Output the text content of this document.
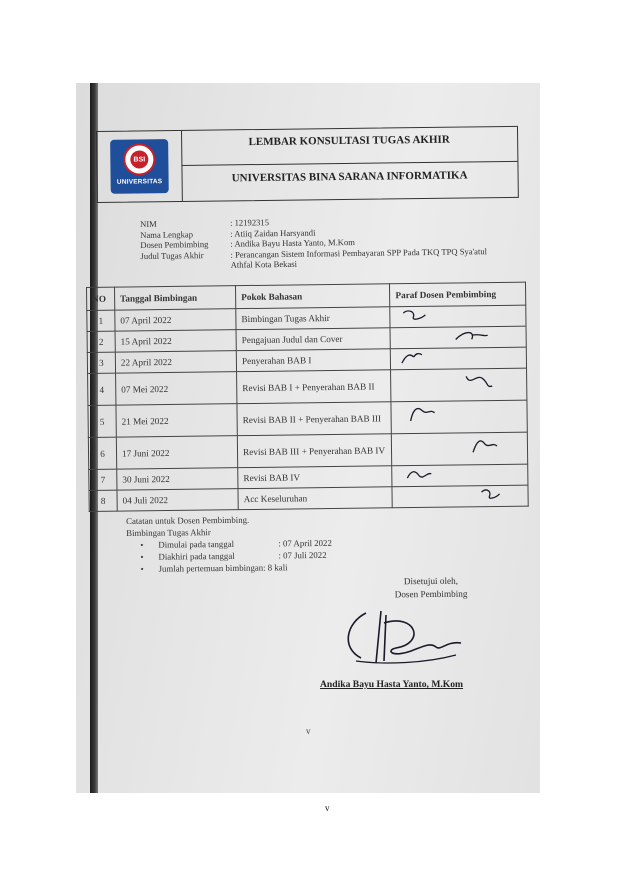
BSI
UNIVERSITAS
LEMBAR KONSULTASI TUGAS AKHIR
UNIVERSITAS BINA SARANA INFORMATIKA
NIM	: 12192315
Nama Lengkap	: Atiiq Zaidan Harsyandi
Dosen Pembimbing	: Andika Bayu Hasta Yanto, M.Kom
Judul Tugas Akhir	: Perancangan Sistem Informasi Pembayaran SPP Pada TKQ TPQ Sya'atul Athfal Kota Bekasi
NO	Tanggal Bimbingan	Pokok Bahasan	Paraf Dosen Pembimbing
1	07 April 2022	Bimbingan Tugas Akhir	
2	15 April 2022	Pengajuan Judul dan Cover	
3	22 April 2022	Penyerahan BAB I	
4	07 Mei 2022	Revisi BAB I + Penyerahan BAB II	
5	21 Mei 2022	Revisi BAB II + Penyerahan BAB III	
6	17 Juni 2022	Revisi BAB III + Penyerahan BAB IV	
7	30 Juni 2022	Revisi BAB IV	
8	04 Juli 2022	Acc Keseluruhan	
Catatan untuk Dosen Pembimbing.
Bimbingan Tugas Akhir
•	Dimulai pada tanggal	: 07 April 2022
•	Diakhiri pada tanggal	: 07 Juli 2022
•	Jumlah pertemuan bimbingan : 8 kali
Disetujui oleh,
Dosen Pembimbing
Andika Bayu Hasta Yanto, M.Kom
v
v
